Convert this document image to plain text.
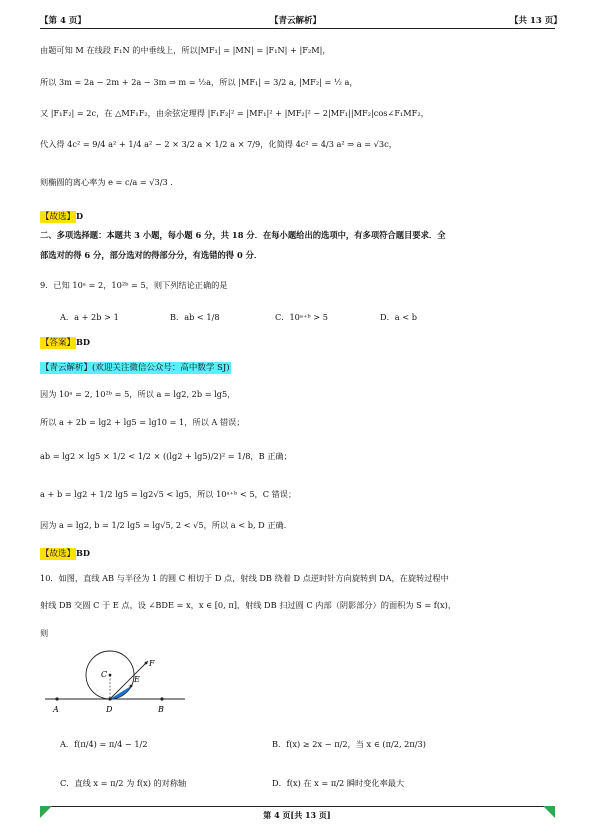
【第 4 页】	【青云解析】	【共 13 页】
由题可知 M 在线段 F₁N 的中垂线上，所以|MF₁| = |MN| = |F₁N| + |F₂M|，
所以 3m = 2a − 2m + 2a − 3m ⇒ m = ½a，所以 |MF₁| = 3/2 a, |MF₂| = ½ a，
又 |F₁F₂| = 2c，在 △MF₁F₂，由余弦定理得 |F₁F₂|² = |MF₁|² + |MF₂|² − 2|MF₁||MF₂|cos∠F₁MF₂，
代入得 4c² = 9/4 a² + 1/4 a² − 2 × 3/2 a × 1/2 a × 7/9，化简得 4c² = 4/3 a² ⇒ a = √3c，
则椭圆的离心率为 e = c/a = √3/3 .
【故选】D
二、多项选择题：本题共 3 小题，每小题 6 分，共 18 分．在每小题给出的选项中，有多项符合题目要求．全
部选对的得 6 分，部分选对的得部分分，有选错的得 0 分．
9．已知 10ᵃ = 2，10²ᵇ = 5，则下列结论正确的是
A．a + 2b > 1	B．ab < 1/8	C．10ᵃ⁺ᵇ > 5	D．a < b
【答案】BD
【青云解析】(欢迎关注微信公众号：高中数学 SJ)
因为 10ᵃ = 2, 10²ᵇ = 5，所以 a = lg2, 2b = lg5，
所以 a + 2b = lg2 + lg5 = lg10 = 1，所以 A 错误；
ab = lg2 × lg5 × 1/2 < 1/2 × ((lg2 + lg5)/2)² = 1/8，B 正确；
a + b = lg2 + 1/2 lg5 = lg2√5 < lg5，所以 10ᵃ⁺ᵇ < 5，C 错误；
因为 a = lg2, b = 1/2 lg5 = lg√5, 2 < √5，所以 a < b, D 正确．
【故选】BD
10．如图，直线 AB 与半径为 1 的圆 C 相切于 D 点，射线 DB 绕着 D 点逆时针方向旋转到 DA，在旋转过程中
射线 DB 交圆 C 于 E 点，设 ∠BDE = x，x ∈ [0, π]，射线 DB 扫过圆 C 内部（阴影部分）的面积为 S = f(x)，
则
A	D	B
C
E
F
A．f(π/4) = π/4 − 1/2	B．f(x) ≥ 2x − π/2，当 x ∈ (π/2, 2π/3)
C．直线 x = π/2 为 f(x) 的对称轴	D．f(x) 在 x = π/2 瞬时变化率最大
第 4 页[共 13 页]
